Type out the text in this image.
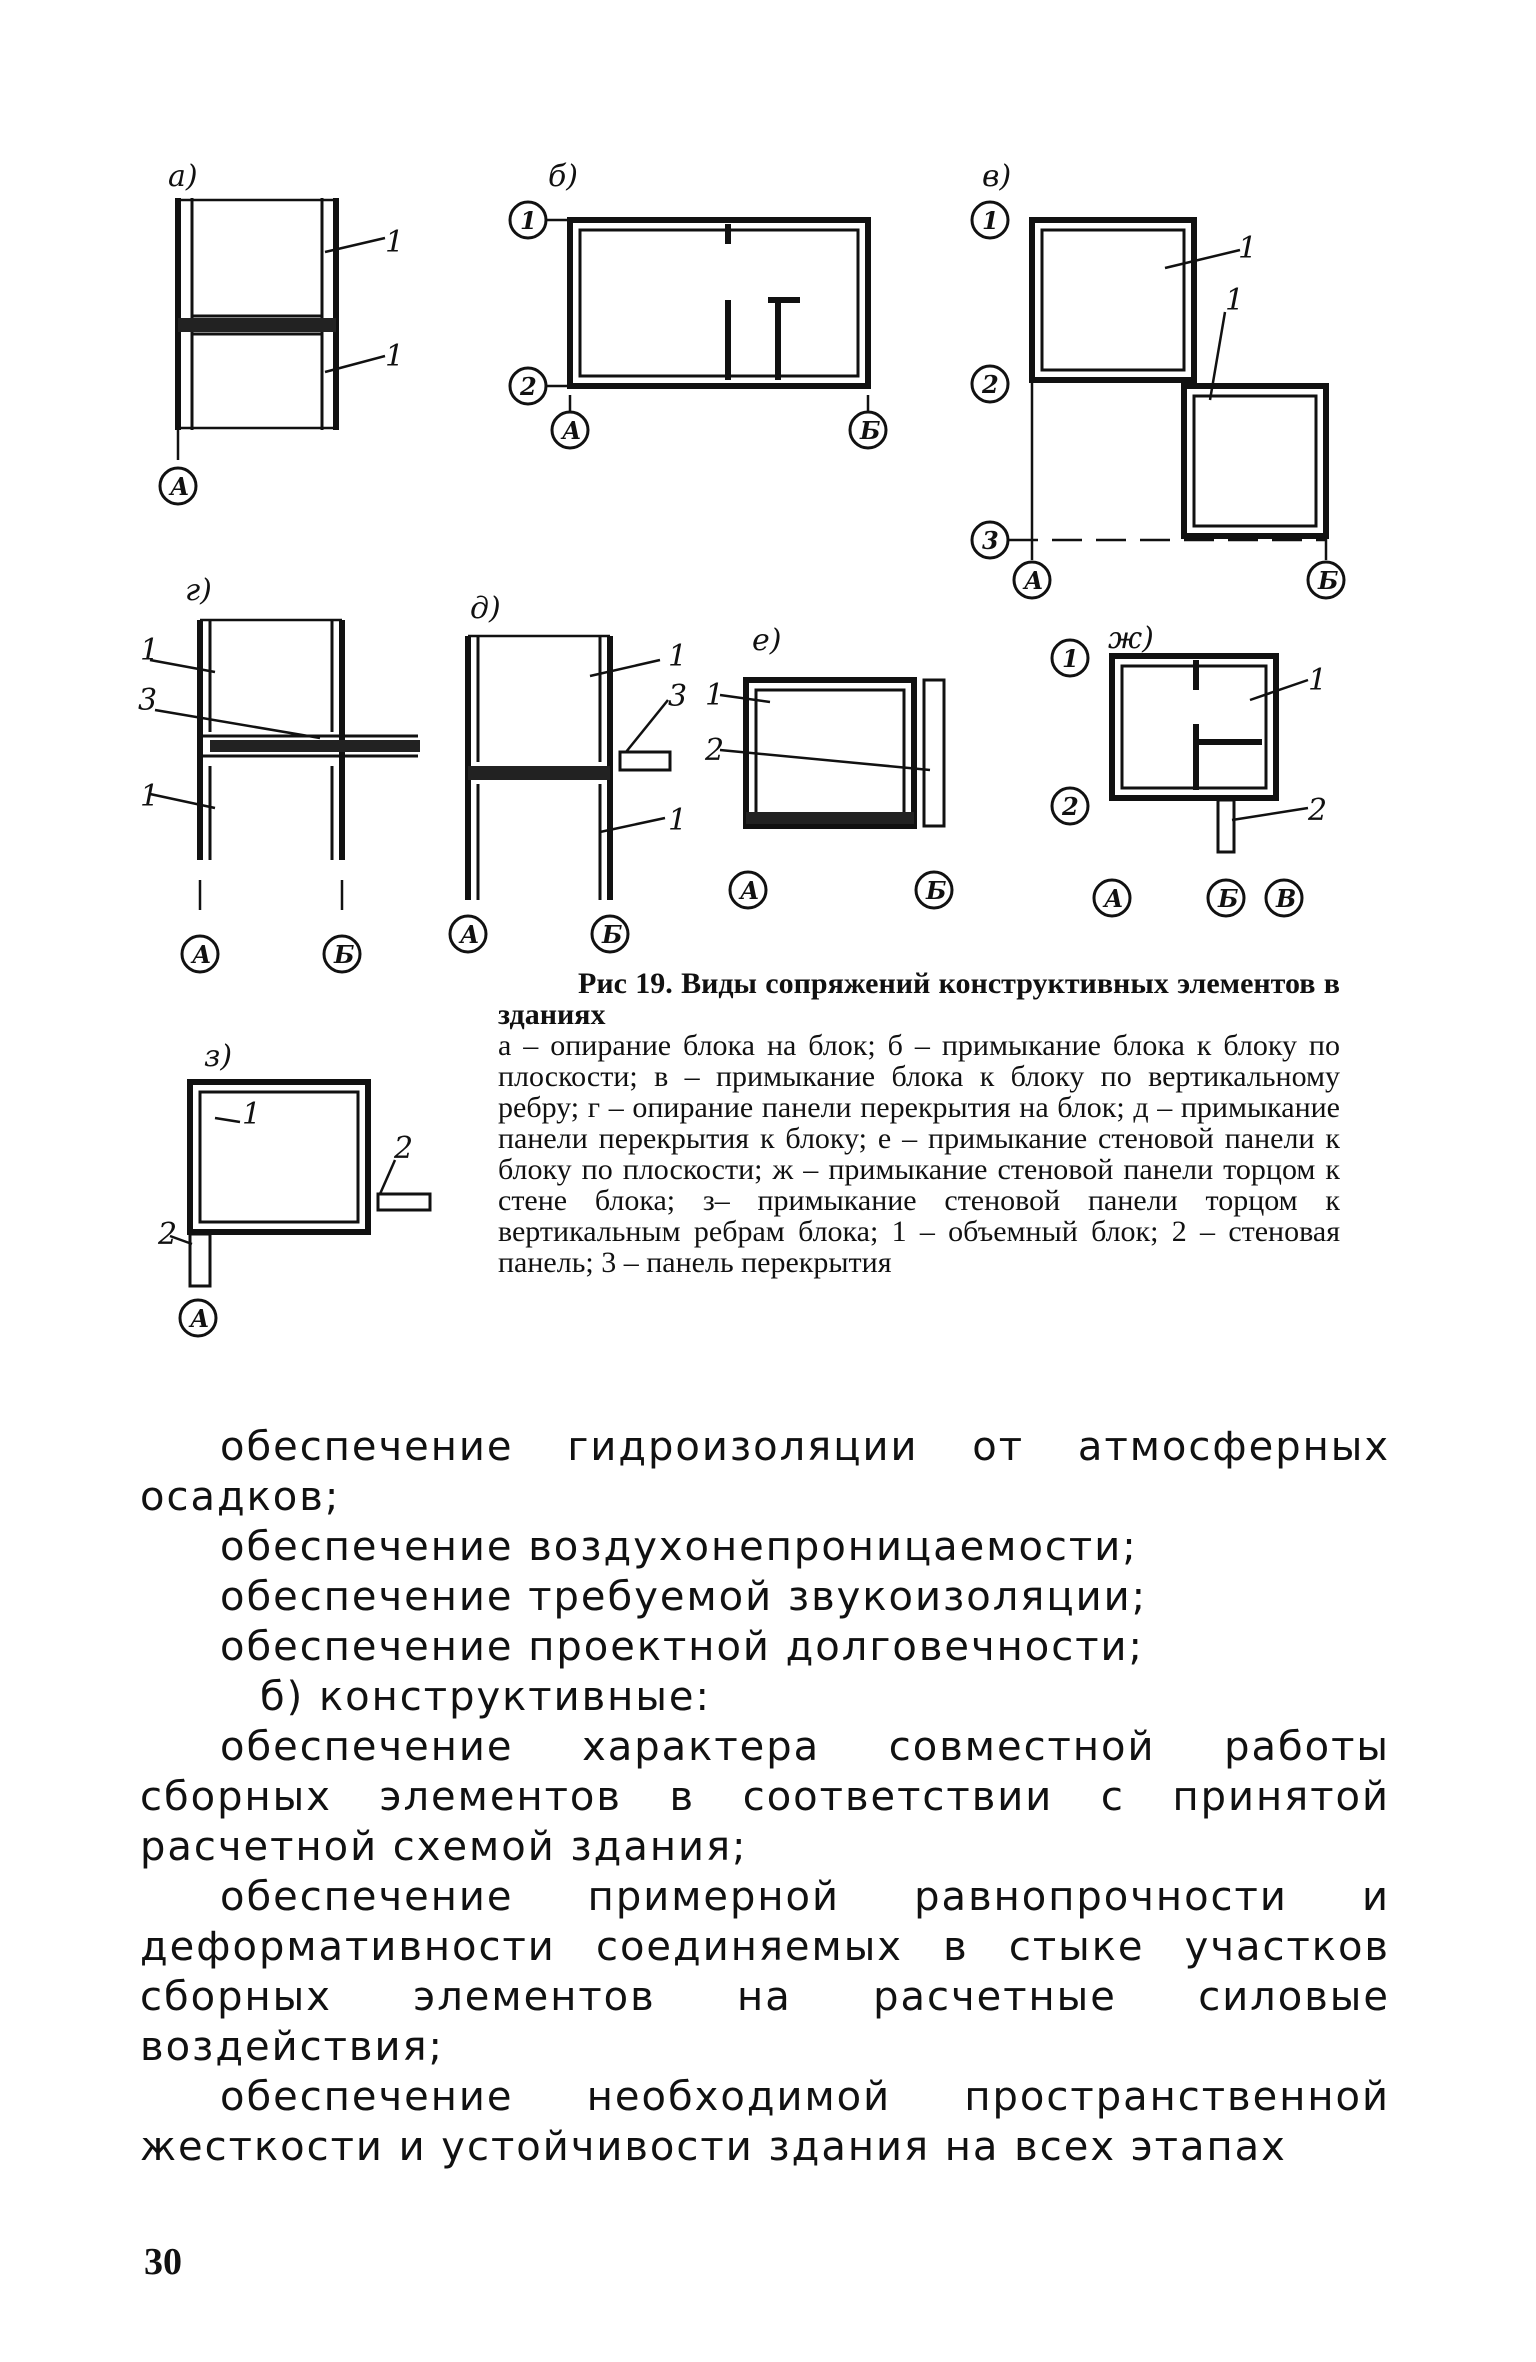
а)
1
1
А
б)
1
2
А	Б
в)
1
2
3
1
1
А	Б
г)
1
3
1
А	Б
д)
1
3
1
А	Б
е)
1
2
А	Б
ж)
1
2
1
2
А	Б В
з)
1
2
2
А
Рис 19. Виды сопряжений конструктивных элементов в зданиях
а – опирание блока на блок; б – примыкание блока к блоку по плоскости; в – примыкание блока к блоку по вертикальному ребру; г – опирание панели перекрытия на блок; д – примыкание панели перекрытия к блоку; е – примыкание стеновой панели к блоку по плоскости; ж – примыкание стеновой панели торцом к стене блока; з– примыкание стеновой панели торцом к вертикальным ребрам блока; 1 – объемный блок; 2 – стеновая панель; 3 – панель перекрытия

обеспечение гидроизоляции от атмосферных осадков;

обеспечение воздухонепроницаемости;

обеспечение требуемой звукоизоляции;

обеспечение проектной долговечности;

б) конструктивные:

обеспечение характера совместной работы сборных элементов в соответствии с принятой расчетной схемой здания;

обеспечение примерной равнопрочности и деформативности соединяемых в стыке участков сборных элементов на расчетные силовые воздействия;

обеспечение необходимой пространственной жесткости и устойчивости здания на всех этапах

30
